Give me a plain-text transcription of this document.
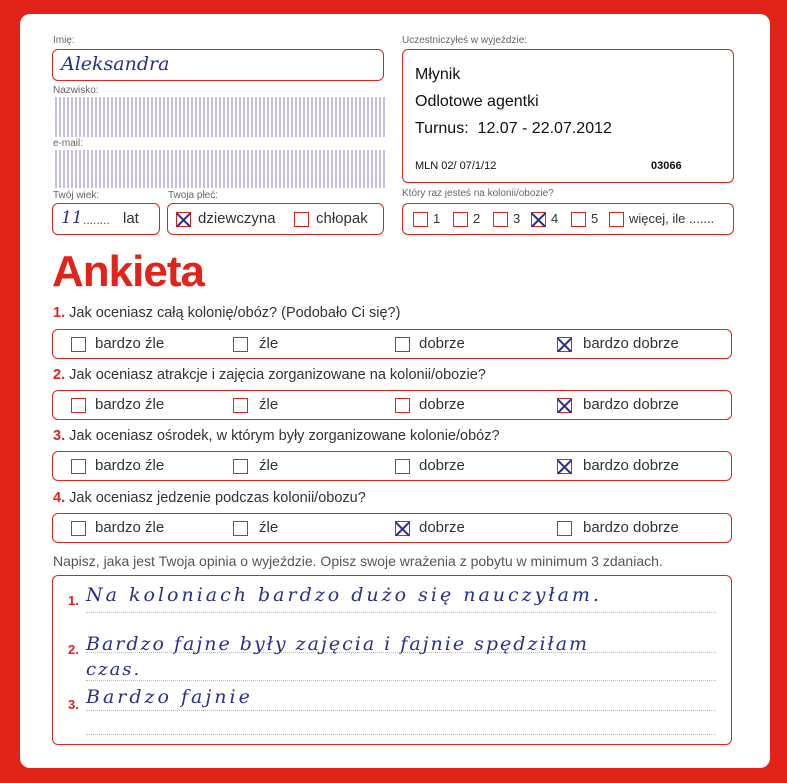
Imię:
Aleksandra
Nazwisko:
e-mail:
Twój wiek:
11 ........ lat
Twoja płeć:
dziewczyna	chłopak
Uczestniczyłeś w wyjeździe:
Młynik
Odlotowe agentki
Turnus: 12.07 - 22.07.2012
MLN 02/ 07/1/12	03066
Który raz jesteś na kolonii/obozie?
1	2	3 4	5 więcej, ile .......
Ankieta
1. Jak oceniasz całą kolonię/obóz? (Podobało Ci się?)
bardzo źle	źle	dobrze	bardzo dobrze
2. Jak oceniasz atrakcje i zajęcia zorganizowane na kolonii/obozie?
bardzo źle	źle	dobrze	bardzo dobrze
3. Jak oceniasz ośrodek, w którym były zorganizowane kolonie/obóz?
bardzo źle	źle	dobrze	bardzo dobrze
4. Jak oceniasz jedzenie podczas kolonii/obozu?
bardzo źle	źle	dobrze	bardzo dobrze
Napisz, jaka jest Twoja opinia o wyjeździe. Opisz swoje wrażenia z pobytu w minimum 3 zdaniach.
1. Na koloniach bardzo dużo się nauczyłam.
2. Bardzo fajne były zajęcia i fajnie spędziłam
czas.
3. Bardzo fajnie
